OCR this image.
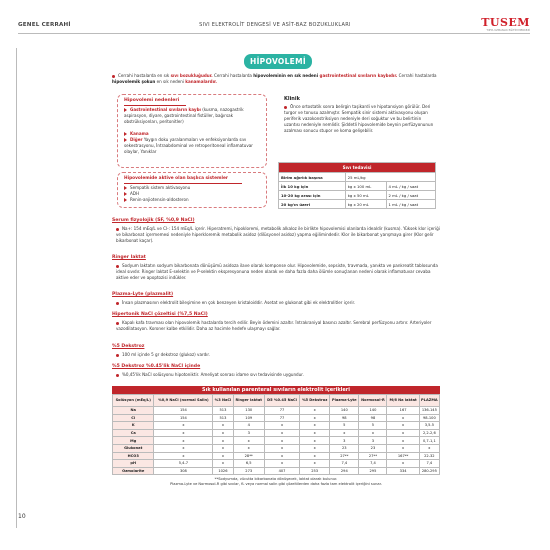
GENEL CERRAHİ	SIVI ELEKTROLİT DENGESİ VE ASİT-BAZ BOZUKLUKLARI	TUSEM
TIPTA UZMANLIK EĞİTİM MERKEZİ
HİPOVOLEMİ
Cerrahi hastalarda en sık sıvı bozukluğudur. Cerrahi hastalarda hipovoleminin en sık nedeni gastrointestinal sıvıların kaybıdır. Cerrahi hastalarda hipovolemik şokun en sık nedeni kanamalardır.
Hipovolemi nedenleri
Gastrointestinal sıvıların kaybı (kusma, nazogastrik aspirasyon, diyare, gastrointestinal fistüller, bağırsak obstrüksiyonları, peritonitler)
Kanama
Diğer Yaygın doku yaralanmaları ve enfeksiyonlarda sıvı sekestrasyonu, İntraabdominal ve retroperitoneal inflamatuvar olaylar, Yanıklar
Hipovolemide aktive olan başlıca sistemler
Sempatik sistem aktivasyonu
ADH
Renin-anjiotensin-aldosteron
Klinik
Önce ortostatik sonra belirgin taşikardi ve hipotansiyon görülür. Deri turgor ve tonusu azalmıştır. Sempatik sinir sistemi aktivasyonu oluşan periferik vazokonstriksiyon nedeniyle deri soğuktur ve bu belirtinin uzantısı nedeniyle nemlidir. Şiddetli hipovolemide beynin perfüzyonunun azalması sonucu stupor ve koma gelişebilir.
Sıvı tedavisi		
Birim ağırlık başına	25 mL/kg	
İlk 10 kg için	kg x 100 mL	4 mL / kg / saat
10-20 kg arası için	kg x 50 mL	2 mL / kg / saat
20 kg'ın üzeri	kg x 20 mL	1 mL / kg / saat
Serum fizyolojik (SF, %0,9 NaCl)
Na+: 154 mEq/L ve Cl-: 154 mEq/L içerir. Hiperatremi, hipokloremi, metabolik alkaloz ile birlikte hipovolemisi olanlarda idealdir (kusma). Yüksek klor içeriği ve bikarbonat içermemesi nedeniyle hiperkloremik metabolik asidoz (dilüsyonel asidoz) yapma eğilimindedir. Klor ile bikarbonat yarışmaya girer (Klor gelir bikarbonat kaçar).
Ringer laktat
Sodyum laktatın sodyum bikarbonata dönüşümü asidoza ilave olarak komponse olur. Hipovolemide, sepsiste, travmada, yanıkta ve pankreatit tablosunda ideal sıvıdır. Ringer laktat E-selektin ve P-selektin ekspresyonuna neden olarak ve daha fazla daha ölümle sonuçlanan nedeni olarak inflamatuvar cevaba aktive eder ve apoptozisi indükler.
Plazma-Lyte (plazmalit)
İnsan plazmasının elektrolit bileşimine en çok benzeyen kristaloiddir. Asetat ve glukonat gibi ek elektrolitler içerir.
Hipertonik NaCl çözeltisi (%7,5 NaCl)
Kapalı kafa travması olan hipovolemik hastalarda tercih edilir. Beyin ödemini azaltır. İntrakraniyal basıncı azaltır. Serebral perfüzyonu artırır. Arteriyoler vazodilatasyon. Koroner kalbe etkilidir. Daha az hacimle hedefe ulaşmayı sağlar.
%5 Dekstroz
100 ml içinde 5 gr dekstroz (glukoz) vardır.
%5 Dekstroz %0.45'lik NaCl içinde
%0,45'lik NaCl solüsyonu hipotoniktir. Ameliyat sonrası idame sıvı tedavisinde uygundur.
Sık kullanılan parenteral sıvıların elektrolit içerikleri
Solüsyon (mEq/L)	%0,9 NaCl (normal Salin)	%3 NaCl	Ringer laktat	D5 %0.45 NaCl	%5 Dekstroz	Plazma-Lyte	Normosol-R	M/6 Na laktat	PLAZMA
Na	154	513	130	77	x	140	140	167	136-145
Cl	154	513	109	77	x	98	98	x	98-100
K	x	x	4	x	x	5	5	x	3,5-5
Ca	x	x	3	x	x	x	x	x	2,2-2,6
Mg	x	x	x	x	x	3	3	x	0,7-1,1
Glukonat	x	x	x	x	x	23	23	x	x
HCO3	x	x	28**	x	x	27**	27**	167**	22-32
pH	5,4-7	x	6,5	x	x	7,4	7,4	x	7,4
Ozmolarite	308	1026	273	407	253	294	295	334	280-295
**Sodyumda, vücutta bikarbonata dönüşecek, laktat olarak bulunur.
Plazma-Lyte ve Normosol-R gibi sıvılar, fL veya normal salin gibi çözeltilerden daha fazla tam elektrolit içeriğini sunar.
10
